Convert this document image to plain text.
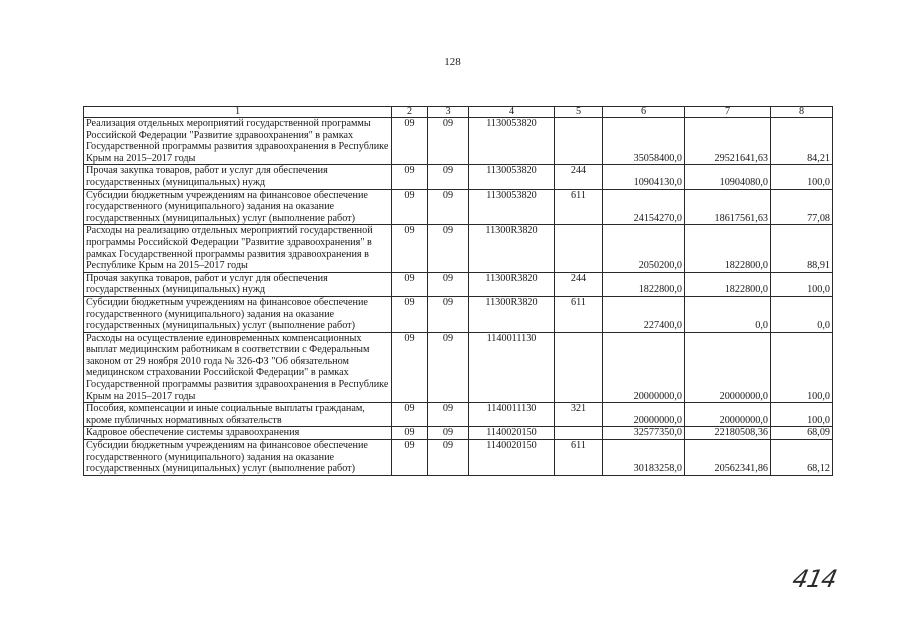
128
1	2	3	4	5	6	7	8
Реализация отдельных мероприятий государственной программы Российской Федерации "Развитие здравоохранения" в рамках Государственной программы развития здравоохранения в Республике Крым на 2015–2017 годы	09	09	1130053820		35058400,0	29521641,63	84,21
Прочая закупка товаров, работ и услуг для обеспечения государственных (муниципальных) нужд	09	09	1130053820	244	10904130,0	10904080,0	100,0
Субсидии бюджетным учреждениям на финансовое обеспечение государственного (муниципального) задания на оказание государственных (муниципальных) услуг (выполнение работ)	09	09	1130053820	611	24154270,0	18617561,63	77,08
Расходы на реализацию отдельных мероприятий государственной программы Российской Федерации "Развитие здравоохранения" в рамках Государственной программы развития здравоохранения в Республике Крым на 2015–2017 годы	09	09	11300R3820		2050200,0	1822800,0	88,91
Прочая закупка товаров, работ и услуг для обеспечения государственных (муниципальных) нужд	09	09	11300R3820	244	1822800,0	1822800,0	100,0
Субсидии бюджетным учреждениям на финансовое обеспечение государственного (муниципального) задания на оказание государственных (муниципальных) услуг (выполнение работ)	09	09	11300R3820	611	227400,0	0,0	0,0
Расходы на осуществление единовременных компенсационных выплат медицинским работникам в соответствии с Федеральным законом от 29 ноября 2010 года № 326-ФЗ "Об обязательном медицинском страховании Российской Федерации" в рамках Государственной программы развития здравоохранения в Республике Крым на 2015–2017 годы	09	09	1140011130		20000000,0	20000000,0	100,0
Пособия, компенсации и иные социальные выплаты гражданам, кроме публичных нормативных обязательств	09	09	1140011130	321	20000000,0	20000000,0	100,0
Кадровое обеспечение системы здравоохранения	09	09	1140020150		32577350,0	22180508,36	68,09
Субсидии бюджетным учреждениям на финансовое обеспечение государственного (муниципального) задания на оказание государственных (муниципальных) услуг (выполнение работ)	09	09	1140020150	611	30183258,0	20562341,86	68,12
414
